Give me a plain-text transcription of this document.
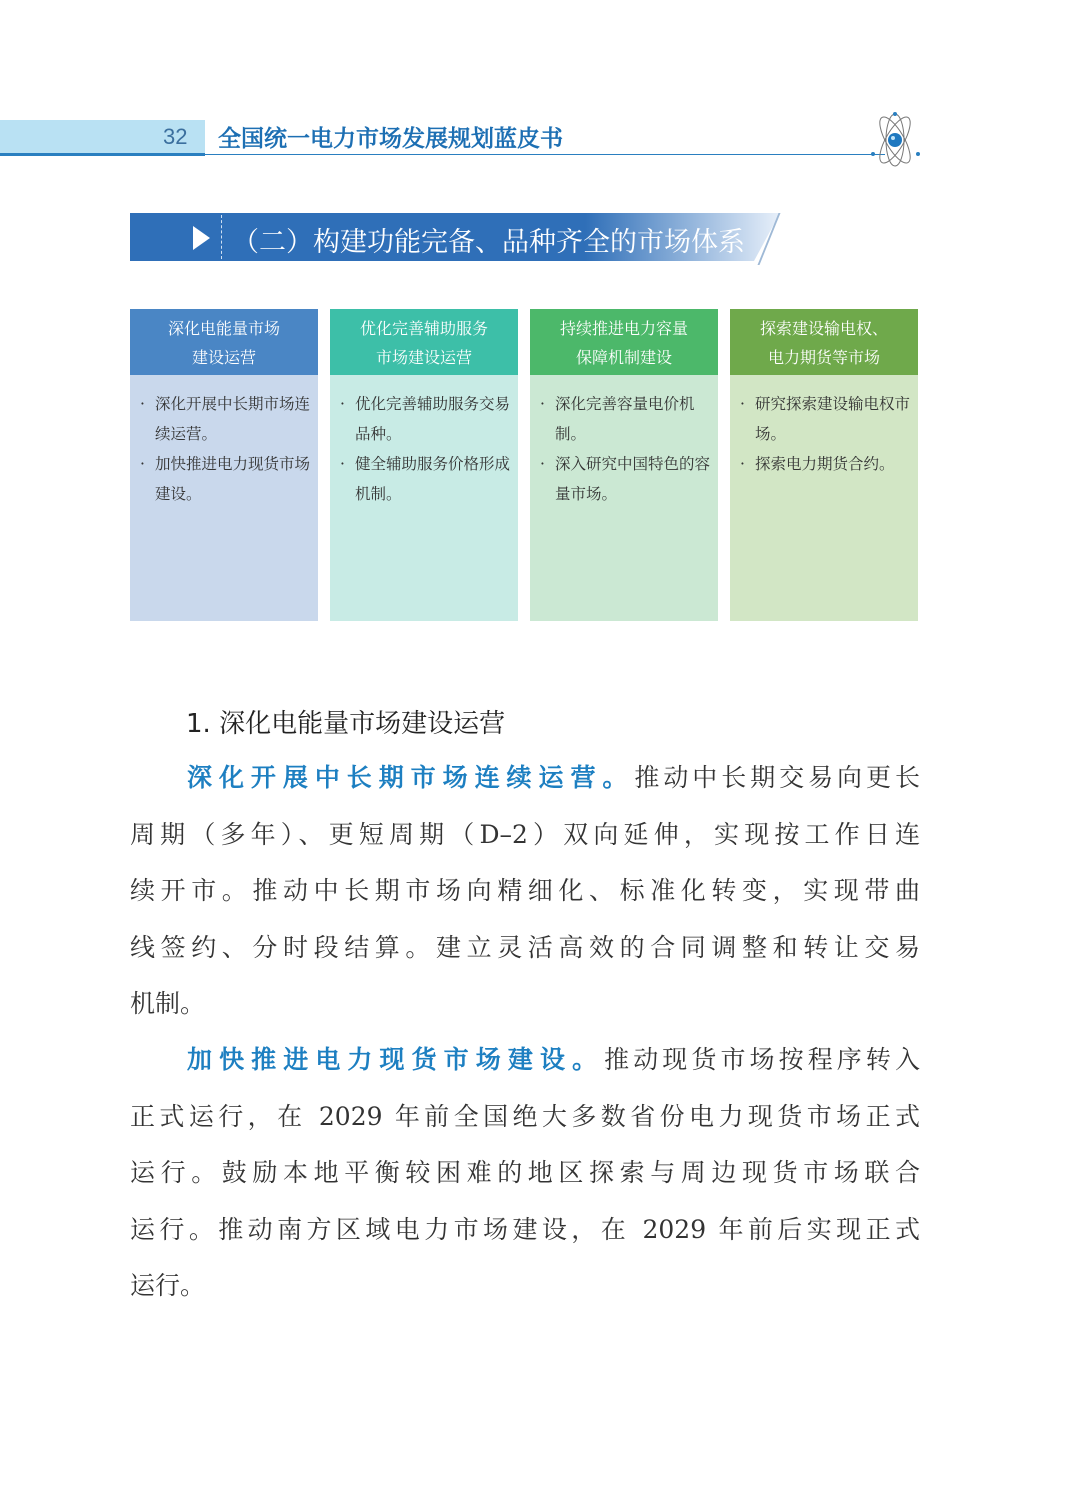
32 全国统一电力市场发展规划蓝皮书
（二）构建功能完备、品种齐全的市场体系
深化电能量市场
建设运营
· 深化开展中长期市场连续运营。
· 加快推进电力现货市场建设。
优化完善辅助服务
市场建设运营
· 优化完善辅助服务交易品种。
· 健全辅助服务价格形成机制。
持续推进电力容量
保障机制建设
· 深化完善容量电价机制。
· 深入研究中国特色的容量市场。
探索建设输电权、
电力期货等市场
· 研究探索建设输电权市场。
· 探索电力期货合约。
1. 深化电能量市场建设运营
深化开展中长期市场连续运营。推动中长期交易向更长
周期（多年）、更短周期（D–2）双向延伸，实现按工作日连
续开市。推动中长期市场向精细化、标准化转变，实现带曲
线签约、分时段结算。建立灵活高效的合同调整和转让交易
机制。
加快推进电力现货市场建设。推动现货市场按程序转入
正式运行，在 2029 年前全国绝大多数省份电力现货市场正式
运行。鼓励本地平衡较困难的地区探索与周边现货市场联合
运行。推动南方区域电力市场建设，在 2029 年前后实现正式
运行。
